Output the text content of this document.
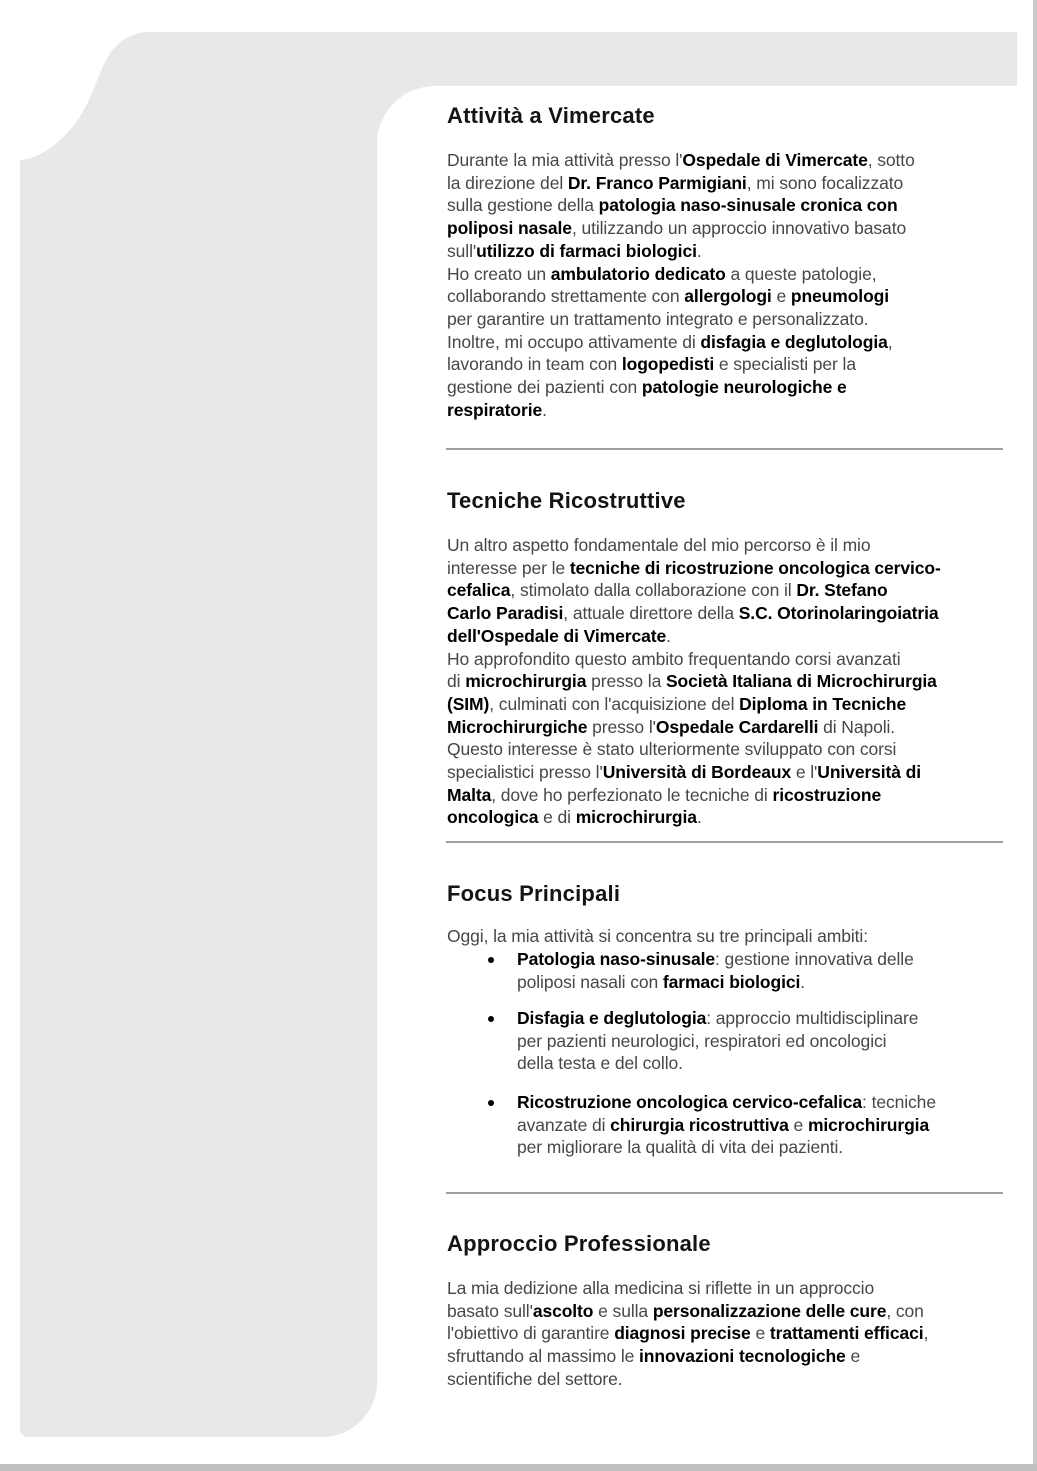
Attività a Vimercate

Durante la mia attività presso l'Ospedale di Vimercate, sotto
la direzione del Dr. Franco Parmigiani, mi sono focalizzato
sulla gestione della patologia naso-sinusale cronica con
poliposi nasale, utilizzando un approccio innovativo basato
sull'utilizzo di farmaci biologici.
Ho creato un ambulatorio dedicato a queste patologie,
collaborando strettamente con allergologi e pneumologi
per garantire un trattamento integrato e personalizzato.
Inoltre, mi occupo attivamente di disfagia e deglutologia,
lavorando in team con logopedisti e specialisti per la
gestione dei pazienti con patologie neurologiche e
respiratorie.

Tecniche Ricostruttive

Un altro aspetto fondamentale del mio percorso è il mio
interesse per le tecniche di ricostruzione oncologica cervico-
cefalica, stimolato dalla collaborazione con il Dr. Stefano
Carlo Paradisi, attuale direttore della S.C. Otorinolaringoiatria
dell'Ospedale di Vimercate.
Ho approfondito questo ambito frequentando corsi avanzati
di microchirurgia presso la Società Italiana di Microchirurgia
(SIM), culminati con l'acquisizione del Diploma in Tecniche
Microchirurgiche presso l'Ospedale Cardarelli di Napoli.
Questo interesse è stato ulteriormente sviluppato con corsi
specialistici presso l'Università di Bordeaux e l'Università di
Malta, dove ho perfezionato le tecniche di ricostruzione
oncologica e di microchirurgia.

Focus Principali

Oggi, la mia attività si concentra su tre principali ambiti:

Patologia naso-sinusale: gestione innovativa delle
poliposi nasali con farmaci biologici.
Disfagia e deglutologia: approccio multidisciplinare
per pazienti neurologici, respiratori ed oncologici
della testa e del collo.
Ricostruzione oncologica cervico-cefalica: tecniche
avanzate di chirurgia ricostruttiva e microchirurgia
per migliorare la qualità di vita dei pazienti.
Approccio Professionale

La mia dedizione alla medicina si riflette in un approccio
basato sull'ascolto e sulla personalizzazione delle cure, con
l'obiettivo di garantire diagnosi precise e trattamenti efficaci,
sfruttando al massimo le innovazioni tecnologiche e
scientifiche del settore.
